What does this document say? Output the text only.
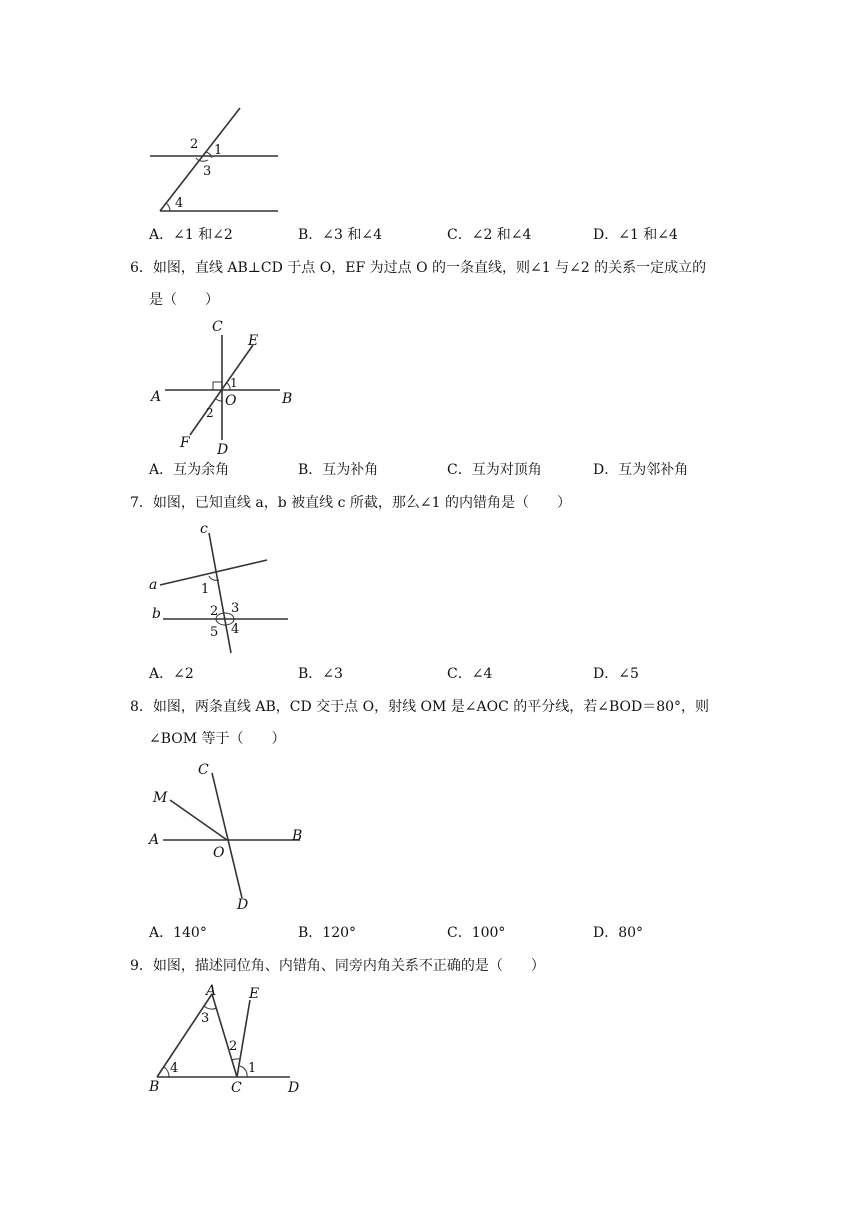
2 1
3
4
A．∠1 和∠2	B．∠3 和∠4	C．∠2 和∠4	D．∠1 和∠4
6．如图，直线 AB⊥CD 于点 O，EF 为过点 O 的一条直线，则∠1 与∠2 的关系一定成立的
是（　　）
C
E
A	O	B
1
2
F D
A．互为余角	B．互为补角	C．互为对顶角	D．互为邻补角
7．如图，已知直线 a，b 被直线 c 所截，那么∠1 的内错角是（　　）
c
a	1
b	2 3
5 4
A．∠2	B．∠3	C．∠4	D．∠5
8．如图，两条直线 AB，CD 交于点 O，射线 OM 是∠AOC 的平分线，若∠BOD＝80°，则
∠BOM 等于（　　）
C
M
A	B
O
D
A．140°	B．120°	C．100°	D．80°
9．如图，描述同位角、内错角、同旁内角关系不正确的是（　　）
A E
3
2
4	1
B	C	D
